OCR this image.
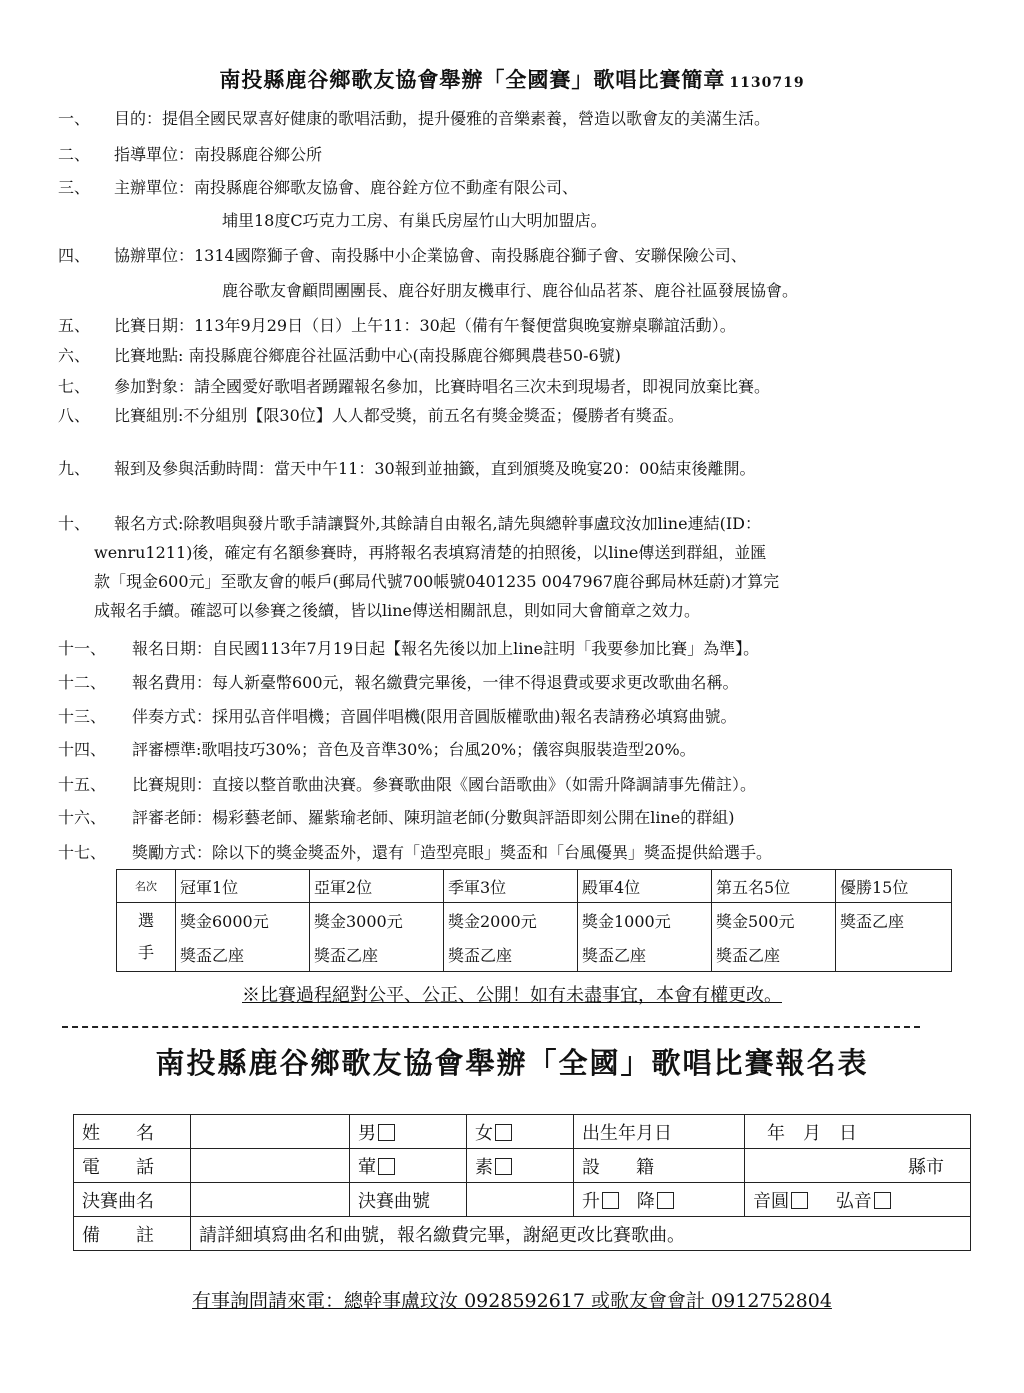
南投縣鹿谷鄉歌友協會舉辦「全國賽」歌唱比賽簡章 1130719
一、 目的：提倡全國民眾喜好健康的歌唱活動，提升優雅的音樂素養，營造以歌會友的美滿生活。
二、 指導單位：南投縣鹿谷鄉公所
三、 主辦單位：南投縣鹿谷鄉歌友協會、鹿谷銓方位不動產有限公司、
埔里18度C巧克力工房、有巢氏房屋竹山大明加盟店。
四、 協辦單位：1314國際獅子會、南投縣中小企業協會、南投縣鹿谷獅子會、安聯保險公司、
鹿谷歌友會顧問團團長、鹿谷好朋友機車行、鹿谷仙品茗茶、鹿谷社區發展協會。
五、 比賽日期：113年9月29日（日）上午11：30起（備有午餐便當與晚宴辦桌聯誼活動）。
六、 比賽地點: 南投縣鹿谷鄉鹿谷社區活動中心(南投縣鹿谷鄉興農巷50-6號)
七、 參加對象：請全國愛好歌唱者踴躍報名參加，比賽時唱名三次未到現場者，即視同放棄比賽。
八、 比賽組別:不分組別【限30位】人人都受獎，前五名有獎金獎盃；優勝者有獎盃。
九、 報到及參與活動時間：當天中午11：30報到並抽籤，直到頒獎及晚宴20：00結束後離開。
十、 報名方式:除教唱與發片歌手請讓賢外,其餘請自由報名,請先與總幹事盧玟汝加line連結(ID：
wenru1211)後，確定有名額參賽時，再將報名表填寫清楚的拍照後，以line傳送到群組，並匯
款「現金600元」至歌友會的帳戶(郵局代號700帳號0401235 0047967鹿谷郵局林廷蔚)才算完
成報名手續。確認可以參賽之後續，皆以line傳送相關訊息，則如同大會簡章之效力。
十一、 報名日期：自民國113年7月19日起【報名先後以加上line註明「我要參加比賽」為準】。
十二、 報名費用：每人新臺幣600元，報名繳費完畢後，一律不得退費或要求更改歌曲名稱。
十三、 伴奏方式：採用弘音伴唱機；音圓伴唱機(限用音圓版權歌曲)報名表請務必填寫曲號。
十四、 評審標準:歌唱技巧30%；音色及音準30%；台風20%；儀容與服裝造型20%。
十五、 比賽規則：直接以整首歌曲決賽。參賽歌曲限《國台語歌曲》（如需升降調請事先備註）。
十六、 評審老師：楊彩藝老師、羅紫瑜老師、陳玥諠老師(分數與評語即刻公開在line的群組)
十七、 獎勵方式：除以下的獎金獎盃外，還有「造型亮眼」獎盃和「台風優異」獎盃提供給選手。
名次	冠軍1位	亞軍2位	季軍3位	殿軍4位	第五名5位	優勝15位

選
手	獎金6000元	獎金3000元	獎金2000元	獎金1000元	獎金500元	獎盃乙座
	獎盃乙座	獎盃乙座	獎盃乙座	獎盃乙座	獎盃乙座	
※比賽過程絕對公平、公正、公開！如有未盡事宜，本會有權更改。
南投縣鹿谷鄉歌友協會舉辦「全國」歌唱比賽報名表
姓　　名		男	女	出生年月日	年　月　日
電　　話		葷	素	設　　籍	縣市
決賽曲名		決賽曲號		升 降	音圓 弘音
備　　註	請詳細填寫曲名和曲號，報名繳費完畢，謝絕更改比賽歌曲。				
有事詢問請來電：總幹事盧玟汝 0928592617 或歌友會會計 0912752804
